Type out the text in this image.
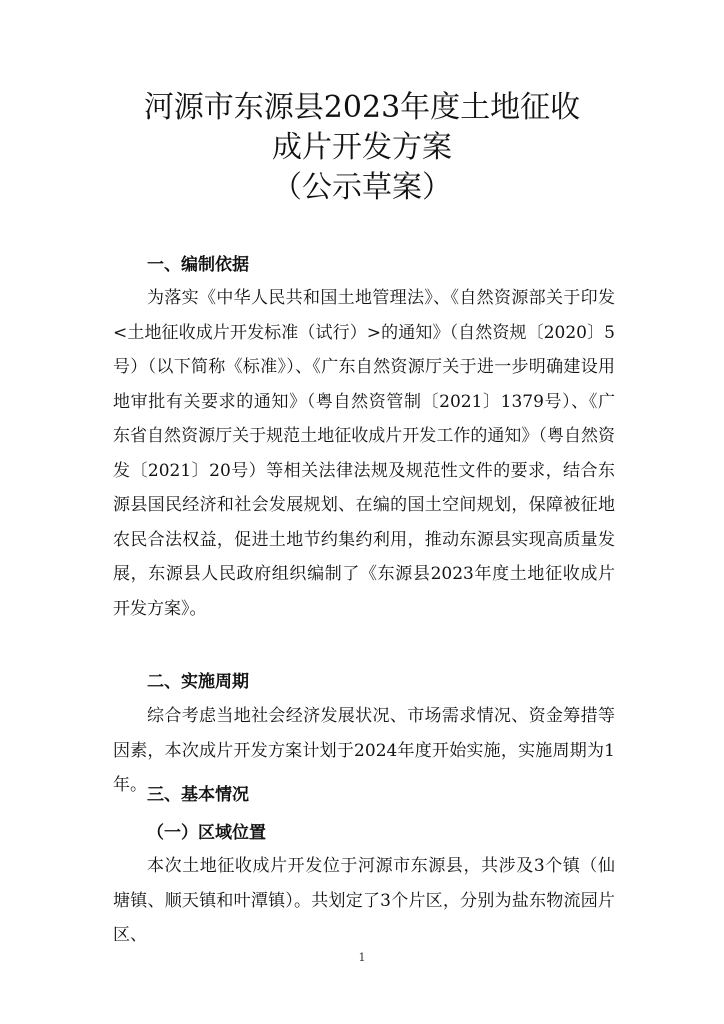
河源市东源县2023年度土地征收
成片开发方案
（公示草案）
一、编制依据
为落实《中华人民共和国土地管理法》、《自然资源部关于印发<土地征收成片开发标准（试行）>的通知》（自然资规〔2020〕5号）（以下简称《标准》）、《广东自然资源厅关于进一步明确建设用地审批有关要求的通知》（粤自然资管制〔2021〕1379号）、《广东省自然资源厅关于规范土地征收成片开发工作的通知》（粤自然资发〔2021〕20号）等相关法律法规及规范性文件的要求，结合东源县国民经济和社会发展规划、在编的国土空间规划，保障被征地农民合法权益，促进土地节约集约利用，推动东源县实现高质量发展，东源县人民政府组织编制了《东源县2023年度土地征收成片开发方案》。
二、实施周期
综合考虑当地社会经济发展状况、市场需求情况、资金筹措等因素，本次成片开发方案计划于2024年度开始实施，实施周期为1年。 三、基本情况
（一）区域位置
本次土地征收成片开发位于河源市东源县，共涉及3个镇（仙塘镇、顺天镇和叶潭镇）。共划定了3个片区，分别为盐东物流园片区、
1
